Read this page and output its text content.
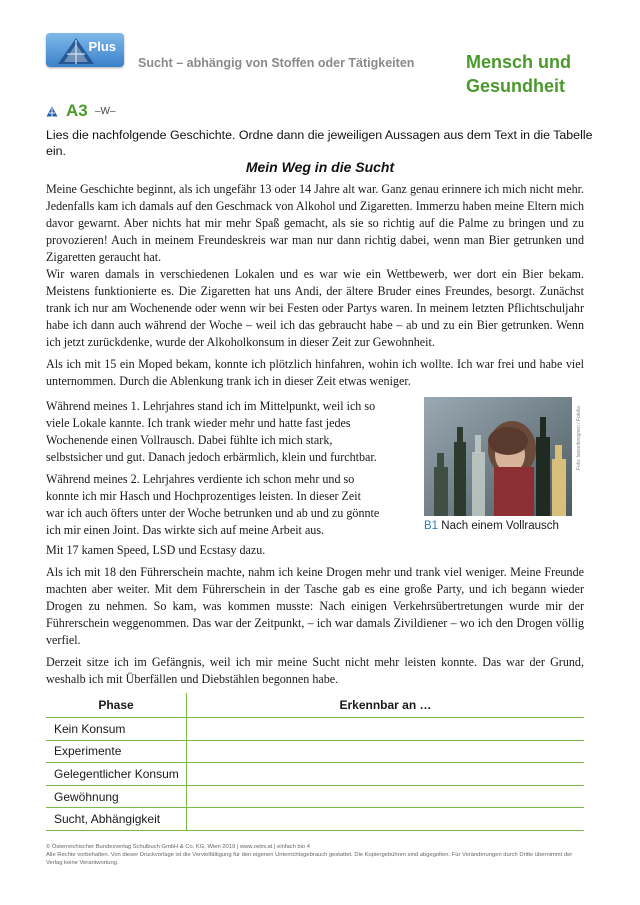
Plus
Sucht – abhängig von Stoffen oder Tätigkeiten	Mensch und Gesundheit
A3 –W–
Lies die nachfolgende Geschichte. Ordne dann die jeweiligen Aussagen aus dem Text in die Tabelle ein.
Mein Weg in die Sucht

Meine Geschichte beginnt, als ich ungefähr 13 oder 14 Jahre alt war. Ganz genau erinnere ich mich nicht mehr. Jedenfalls kam ich damals auf den Geschmack von Alkohol und Zigaretten. Immerzu haben meine Eltern mich davor gewarnt. Aber nichts hat mir mehr Spaß gemacht, als sie so richtig auf die Palme zu bringen und zu provozieren! Auch in meinem Freundeskreis war man nur dann richtig dabei, wenn man Bier getrunken und Zigaretten geraucht hat.

Wir waren damals in verschiedenen Lokalen und es war wie ein Wettbewerb, wer dort ein Bier bekam. Meistens funktionierte es. Die Zigaretten hat uns Andi, der ältere Bruder eines Freundes, besorgt. Zunächst trank ich nur am Wochenende oder wenn wir bei Festen oder Partys waren. In meinem letzten Pflichtschuljahr habe ich dann auch während der Woche – weil ich das gebraucht habe – ab und zu ein Bier getrunken. Wenn ich jetzt zurückdenke, wurde der Alkoholkonsum in dieser Zeit zur Gewohnheit.

Als ich mit 15 ein Moped bekam, konnte ich plötzlich hinfahren, wohin ich wollte. Ich war frei und habe viel unternommen. Durch die Ablenkung trank ich in dieser Zeit etwas weniger.

Während meines 1. Lehrjahres stand ich im Mittelpunkt, weil ich so viele Lokale kannte. Ich trank wieder mehr und hatte fast jedes Wochenende einen Vollrausch. Dabei fühlte ich mich stark, selbstsicher und gut. Danach jedoch erbärmlich, klein und furchtbar.

Während meines 2. Lehrjahres verdiente ich schon mehr und so konnte ich mir Hasch und Hochprozentiges leisten. In dieser Zeit war ich auch öfters unter der Woche betrunken und ab und zu gönnte ich mir einen Joint. Das wirkte sich auf meine Arbeit aus.

Foto: lassedesignen / Fotolia
B1 Nach einem Vollrausch

Mit 17 kamen Speed, LSD und Ecstasy dazu.

Als ich mit 18 den Führerschein machte, nahm ich keine Drogen mehr und trank viel weniger. Meine Freunde machten aber weiter. Mit dem Führerschein in der Tasche gab es eine große Party, und ich begann wieder Drogen zu nehmen. So kam, was kommen musste: Nach einigen Verkehrsübertretungen wurde mir der Führerschein weggenommen. Das war der Zeitpunkt, – ich war damals Zivildiener – wo ich den Drogen völlig verfiel.

Derzeit sitze ich im Gefängnis, weil ich mir meine Sucht nicht mehr leisten konnte. Das war der Grund, weshalb ich mit Überfällen und Diebstählen begonnen habe.

Phase	Erkennbar an …
Kein Konsum	
Experimente	
Gelegentlicher Konsum	
Gewöhnung	
Sucht, Abhängigkeit	
© Österreichischer Bundesverlag Schulbuch GmbH & Co. KG, Wien 2019 | www.oebv.at | einfach bio 4
Alle Rechte vorbehalten. Von dieser Druckvorlage ist die Vervielfältigung für den eigenen Unterrichtsgebrauch gestattet. Die Kopiergebühren sind abgegolten. Für Veränderungen durch Dritte übernimmt der Verlag keine Verantwortung.
